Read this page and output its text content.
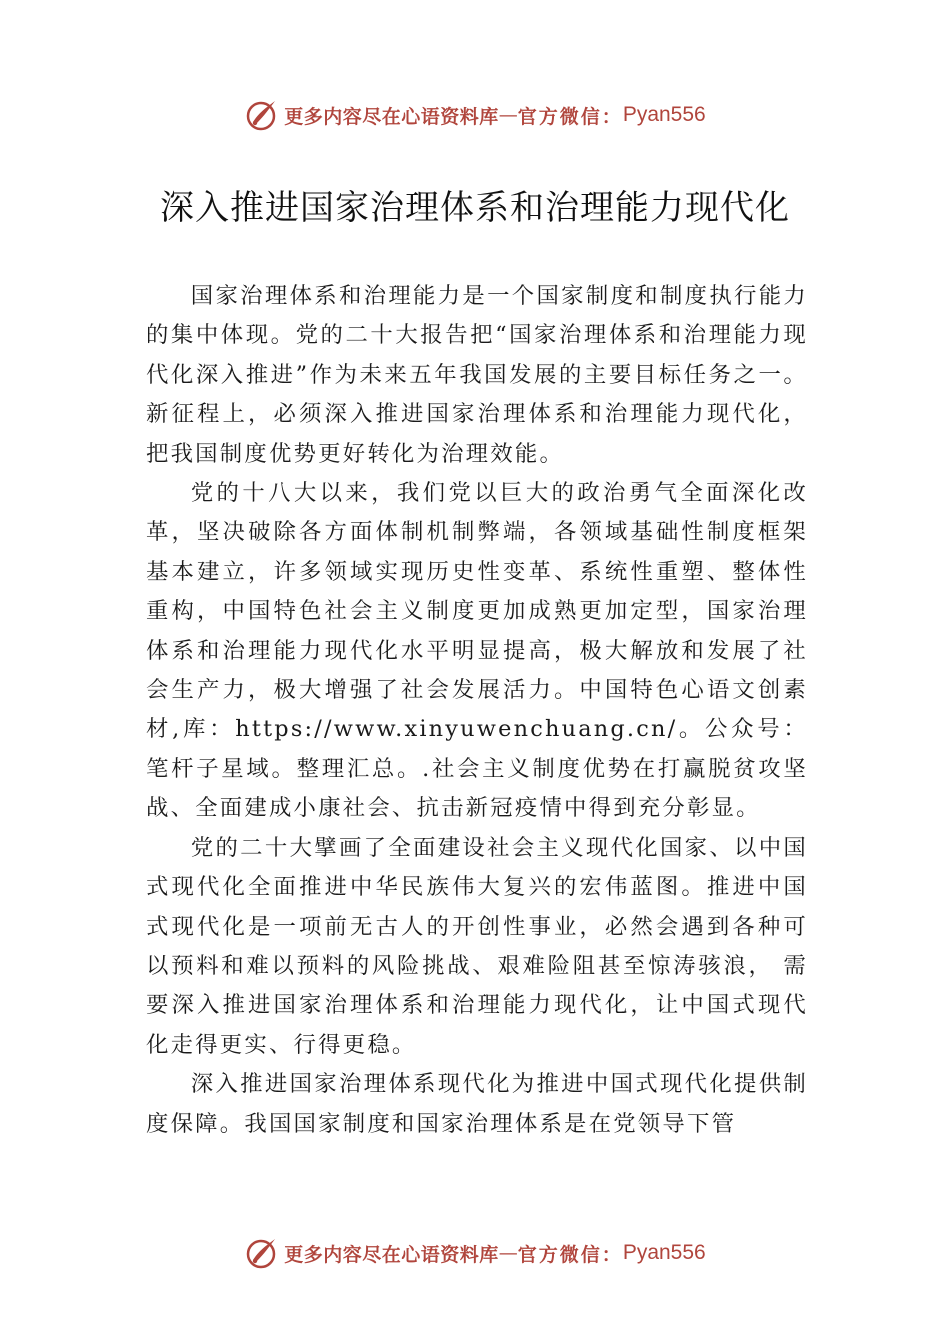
更多内容尽在心语资料库 — 官方微信： Pyan556
深入推进国家治理体系和治理能力现代化

国家治理体系和治理能力是一个国家制度和制度执行能力的集中体现。党的二十大报告把“国家治理体系和治理能力现代化深入推进”作为未来五年我国发展的主要目标任务之一。新征程上，必须深入推进国家治理体系和治理能力现代化，把我国制度优势更好转化为治理效能。

党的十八大以来，我们党以巨大的政治勇气全面深化改革，坚决破除各方面体制机制弊端，各领域基础性制度框架基本建立，许多领域实现历史性变革、系统性重塑、整体性重构，中国特色社会主义制度更加成熟更加定型，国家治理体系和治理能力现代化水平明显提高，极大解放和发展了社会生产力，极大增强了社会发展活力。中国特色心语文创素材,库：https://www.xinyuwenchuang.cn/。公众号：笔杆子星域。整理汇总。.社会主义制度优势在打赢脱贫攻坚战、全面建成小康社会、抗击新冠疫情中得到充分彰显。

党的二十大擘画了全面建设社会主义现代化国家、以中国式现代化全面推进中华民族伟大复兴的宏伟蓝图。推进中国式现代化是一项前无古人的开创性事业，必然会遇到各种可以预料和难以预料的风险挑战、艰难险阻甚至惊涛骇浪， 需要深入推进国家治理体系和治理能力现代化，让中国式现代化走得更实、行得更稳。

深入推进国家治理体系现代化为推进中国式现代化提供制度保障。我国国家制度和国家治理体系是在党领导下管

更多内容尽在心语资料库 — 官方微信： Pyan556
